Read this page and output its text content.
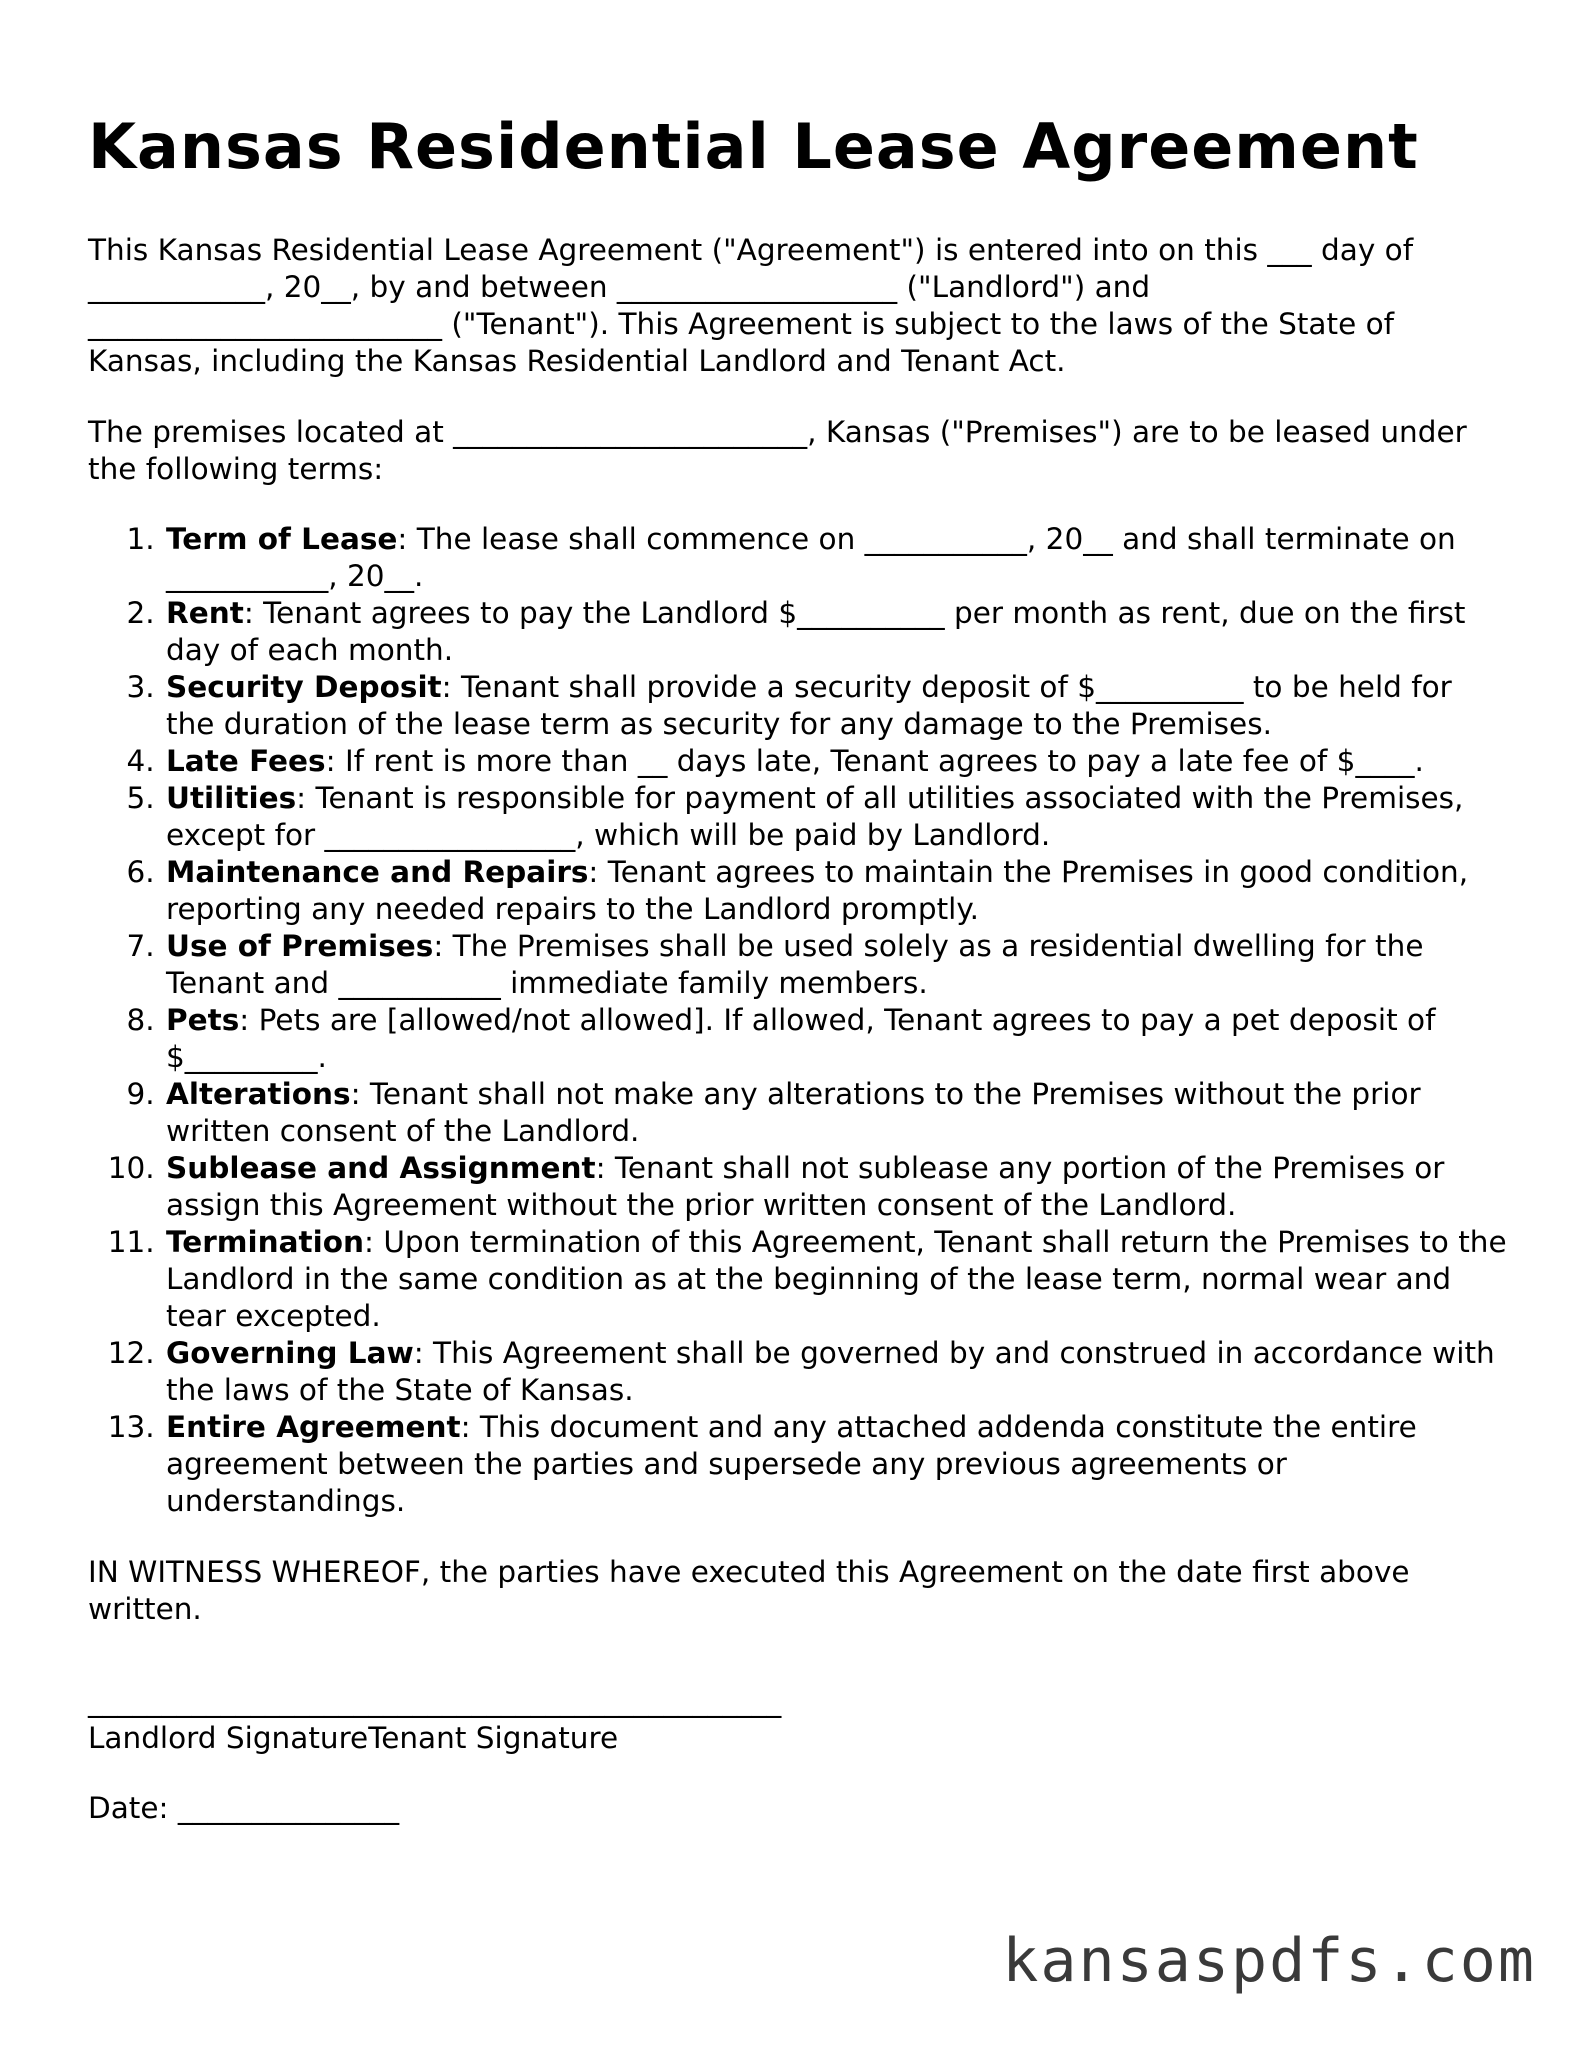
Kansas Residential Lease Agreement

This Kansas Residential Lease Agreement ("Agreement") is entered into on this ___ day of ____________, 20__, by and between ___________________ ("Landlord") and ________________________ ("Tenant"). This Agreement is subject to the laws of the State of Kansas, including the Kansas Residential Landlord and Tenant Act.

The premises located at ________________________, Kansas ("Premises") are to be leased under the following terms:

1. Term of Lease: The lease shall commence on ___________, 20__ and shall terminate on ___________, 20__.
2. Rent: Tenant agrees to pay the Landlord $__________ per month as rent, due on the first day of each month.
3. Security Deposit: Tenant shall provide a security deposit of $__________ to be held for the duration of the lease term as security for any damage to the Premises.
4. Late Fees: If rent is more than __ days late, Tenant agrees to pay a late fee of $____.
5. Utilities: Tenant is responsible for payment of all utilities associated with the Premises, except for _________________, which will be paid by Landlord.
6. Maintenance and Repairs: Tenant agrees to maintain the Premises in good condition, reporting any needed repairs to the Landlord promptly.
7. Use of Premises: The Premises shall be used solely as a residential dwelling for the Tenant and ___________ immediate family members.
8. Pets: Pets are [allowed/not allowed]. If allowed, Tenant agrees to pay a pet deposit of $_________.
9. Alterations: Tenant shall not make any alterations to the Premises without the prior written consent of the Landlord.
10. Sublease and Assignment: Tenant shall not sublease any portion of the Premises or assign this Agreement without the prior written consent of the Landlord.
11. Termination: Upon termination of this Agreement, Tenant shall return the Premises to the Landlord in the same condition as at the beginning of the lease term, normal wear and tear excepted.
12. Governing Law: This Agreement shall be governed by and construed in accordance with the laws of the State of Kansas.
13. Entire Agreement: This document and any attached addenda constitute the entire agreement between the parties and supersede any previous agreements or understandings.

IN WITNESS WHEREOF, the parties have executed this Agreement on the date first above written.

_______________________________________________

Landlord SignatureTenant Signature

Date: _______________

kansaspdfs.com
